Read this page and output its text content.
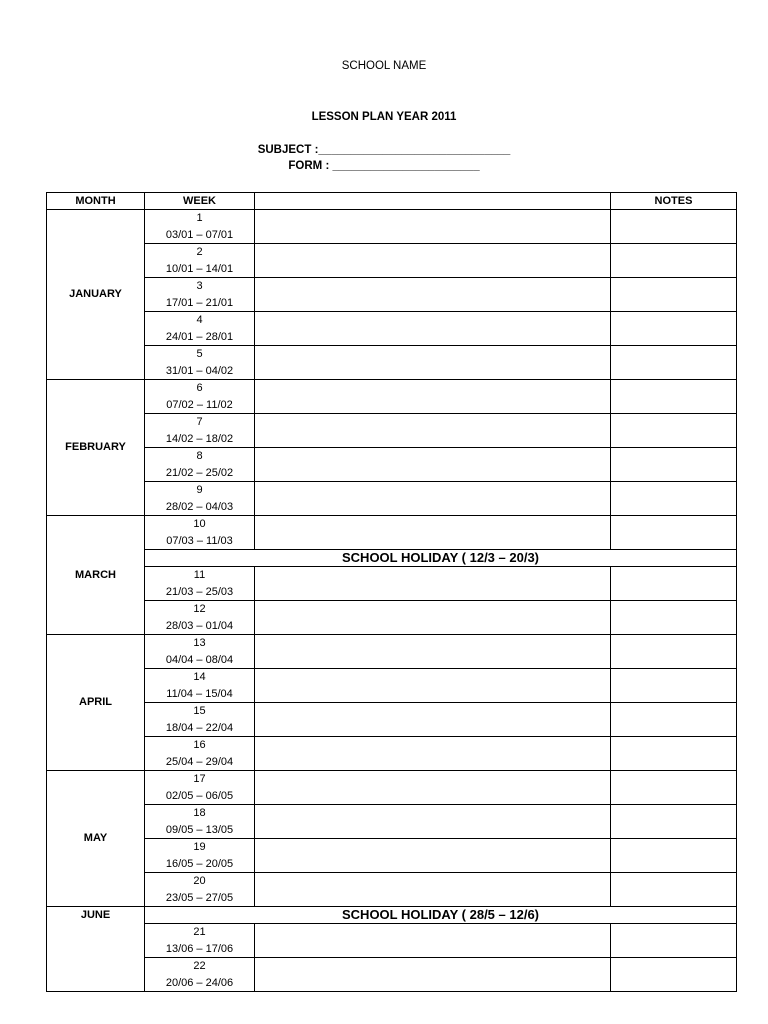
SCHOOL NAME
LESSON PLAN YEAR 2011
SUBJECT :______________________________
FORM : _______________________
MONTH	WEEK		NOTES
JANUARY	1
03/01 – 07/01		

	2
10/01 – 14/01		

	3
17/01 – 21/01		

	4
24/01 – 28/01		

	5
31/01 – 04/02		

FEBRUARY	6
07/02 – 11/02		

	7
14/02 – 18/02		

	8
21/02 – 25/02		

	9
28/02 – 04/03		

MARCH	10
07/03 – 11/03		

	SCHOOL HOLIDAY ( 12/3 – 20/3)		

	11
21/03 – 25/03		

	12
28/03 – 01/04		

APRIL	13
04/04 – 08/04		

	14
11/04 – 15/04		

	15
18/04 – 22/04		

	16
25/04 – 29/04		

MAY	17
02/05 – 06/05		

	18
09/05 – 13/05		

	19
16/05 – 20/05		

	20
23/05 – 27/05		

JUNE	SCHOOL HOLIDAY ( 28/5 – 12/6)		

	21
13/06 – 17/06		

	22
20/06 – 24/06		
